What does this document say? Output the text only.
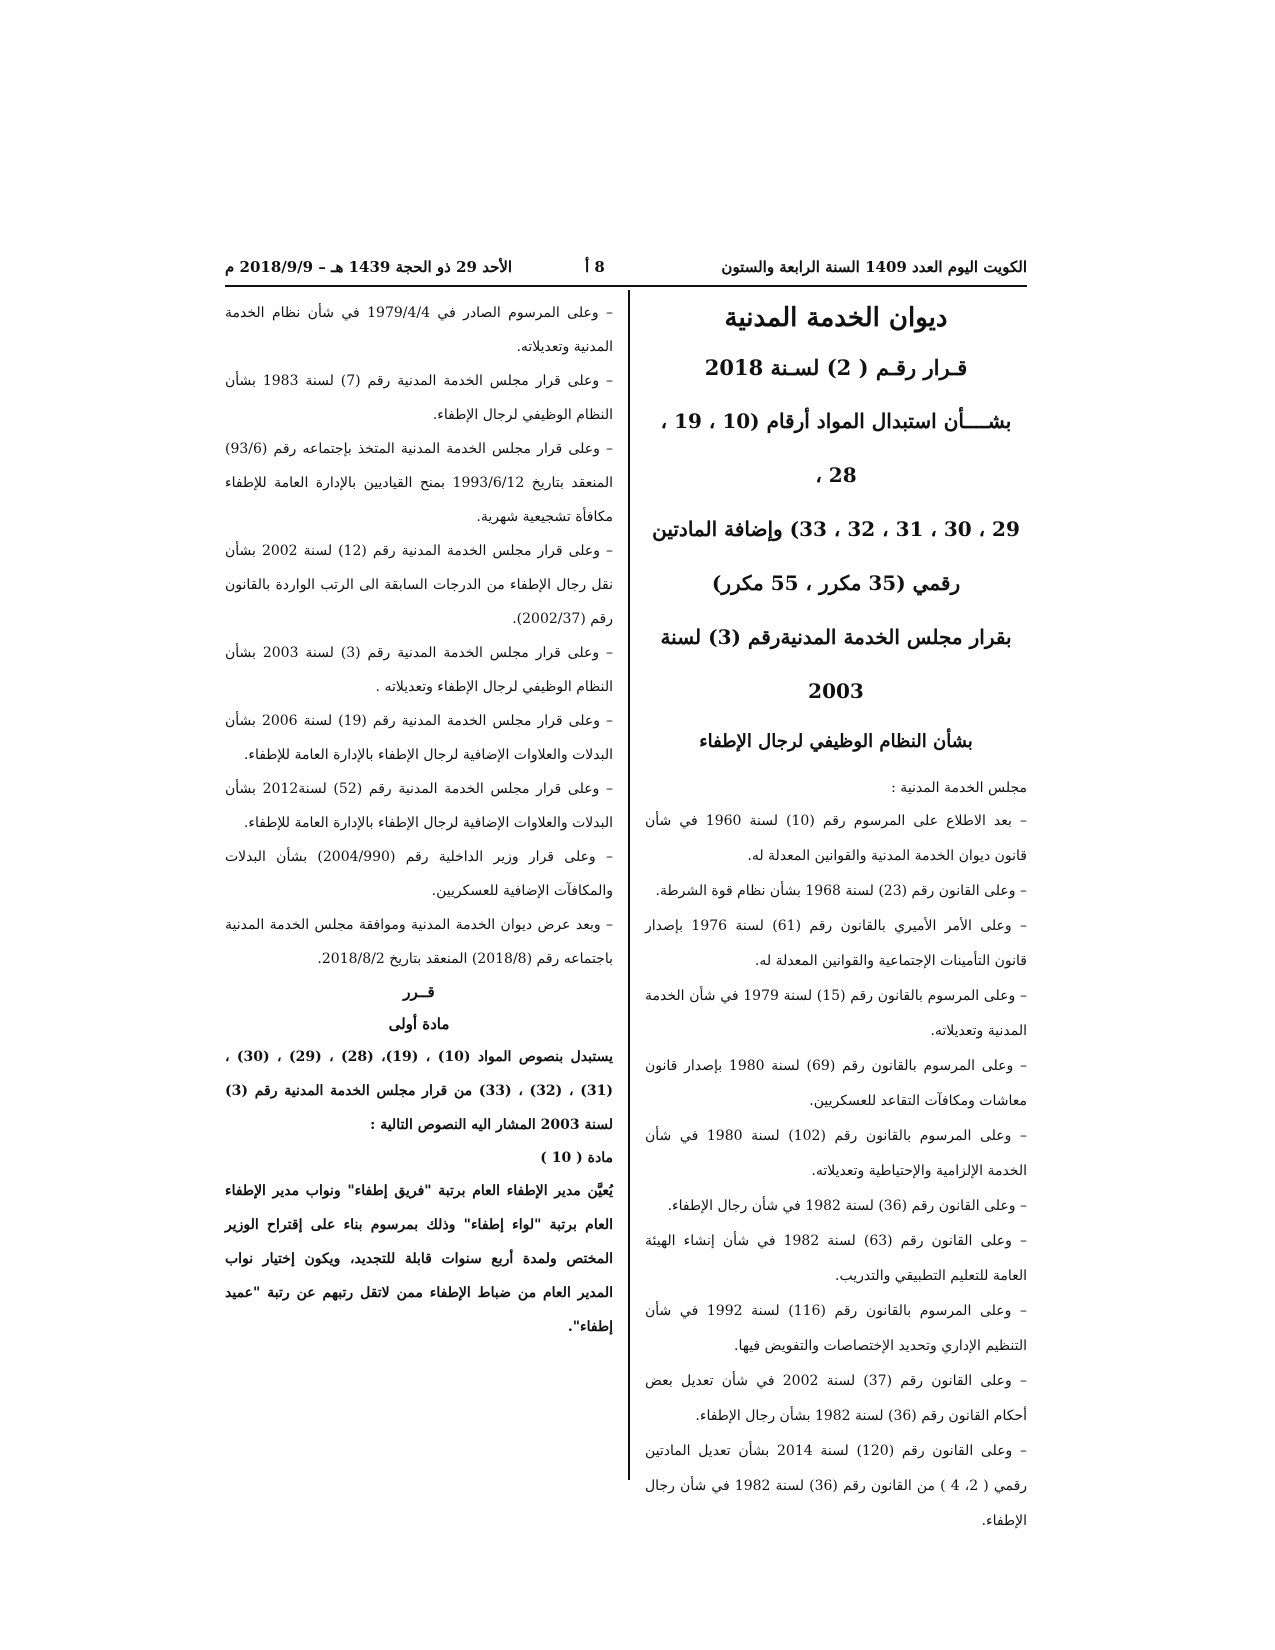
الكويت اليوم العدد 1409 السنة الرابعة والستون
8 أ
الأحد 29 ذو الحجة 1439 هـ – 2018/9/9 م
ديوان الخدمة المدنية
قـرار رقـم ( 2) لسـنة 2018
بشــــأن استبدال المواد أرقام (10 ، 19 ، 28 ،
29 ، 30 ، 31 ، 32 ، 33) وإضافة المادتين
رقمي (35 مكرر ، 55 مكرر)
بقرار مجلس الخدمة المدنيةرقم (3) لسنة 2003
بشأن النظام الوظيفي لرجال الإطفاء
مجلس الخدمة المدنية :

– بعد الاطلاع على المرسوم رقم (10) لسنة 1960 في شأن قانون ديوان الخدمة المدنية والقوانين المعدلة له.

– وعلى القانون رقم (23) لسنة 1968 بشأن نظام قوة الشرطة.

– وعلى الأمر الأميري بالقانون رقم (61) لسنة 1976 بإصدار قانون التأمينات الإجتماعية والقوانين المعدلة له.

– وعلى المرسوم بالقانون رقم (15) لسنة 1979 في شأن الخدمة المدنية وتعديلاته.

– وعلى المرسوم بالقانون رقم (69) لسنة 1980 بإصدار قانون معاشات ومكافآت التقاعد للعسكريين.

– وعلى المرسوم بالقانون رقم (102) لسنة 1980 في شأن الخدمة الإلزامية والإحتياطية وتعديلاته.

– وعلى القانون رقم (36) لسنة 1982 في شأن رجال الإطفاء.

– وعلى القانون رقم (63) لسنة 1982 في شأن إنشاء الهيئة العامة للتعليم التطبيقي والتدريب.

– وعلى المرسوم بالقانون رقم (116) لسنة 1992 في شأن التنظيم الإداري وتحديد الإختصاصات والتفويض فيها.

– وعلى القانون رقم (37) لسنة 2002 في شأن تعديل بعض أحكام القانون رقم (36) لسنة 1982 بشأن رجال الإطفاء.

– وعلى القانون رقم (120) لسنة 2014 بشأن تعديل المادتين رقمي ( 2، 4 ) من القانون رقم (36) لسنة 1982 في شأن رجال الإطفاء.

– وعلى المرسوم الصادر في 1979/4/4 في شأن نظام الخدمة المدنية وتعديلاته.

– وعلى قرار مجلس الخدمة المدنية رقم (7) لسنة 1983 بشأن النظام الوظيفي لرجال الإطفاء.

– وعلى قرار مجلس الخدمة المدنية المتخذ بإجتماعه رقم (93/6) المنعقد بتاريخ 1993/6/12 بمنح القياديين بالإدارة العامة للإطفاء مكافأة تشجيعية شهرية.

– وعلى قرار مجلس الخدمة المدنية رقم (12) لسنة 2002 بشأن نقل رجال الإطفاء من الدرجات السابقة الى الرتب الواردة بالقانون رقم (2002/37).

– وعلى قرار مجلس الخدمة المدنية رقم (3) لسنة 2003 بشأن النظام الوظيفي لرجال الإطفاء وتعديلاته .

– وعلى قرار مجلس الخدمة المدنية رقم (19) لسنة 2006 بشأن البدلات والعلاوات الإضافية لرجال الإطفاء بالإدارة العامة للإطفاء.

– وعلى قرار مجلس الخدمة المدنية رقم (52) لسنة2012 بشأن البدلات والعلاوات الإضافية لرجال الإطفاء بالإدارة العامة للإطفاء.

– وعلى قرار وزير الداخلية رقم (2004/990) بشأن البدلات والمكافآت الإضافية للعسكريين.

– وبعد عرض ديوان الخدمة المدنية وموافقة مجلس الخدمة المدنية باجتماعه رقم (2018/8) المنعقد بتاريخ 2018/8/2.

قــرر
مادة أولى

يستبدل بنصوص المواد (10) ، (19)، (28) ، (29) ، (30) ، (31) ، (32) ، (33) من قرار مجلس الخدمة المدنية رقم (3) لسنة 2003 المشار اليه النصوص التالية :

مادة ( 10 )

يُعيَّن مدير الإطفاء العام برتبة "فريق إطفاء" ونواب مدير الإطفاء العام برتبة "لواء إطفاء" وذلك بمرسوم بناء على إقتراح الوزير المختص ولمدة أربع سنوات قابلة للتجديد، ويكون إختيار نواب المدير العام من ضباط الإطفاء ممن لاتقل رتبهم عن رتبة "عميد إطفاء".
